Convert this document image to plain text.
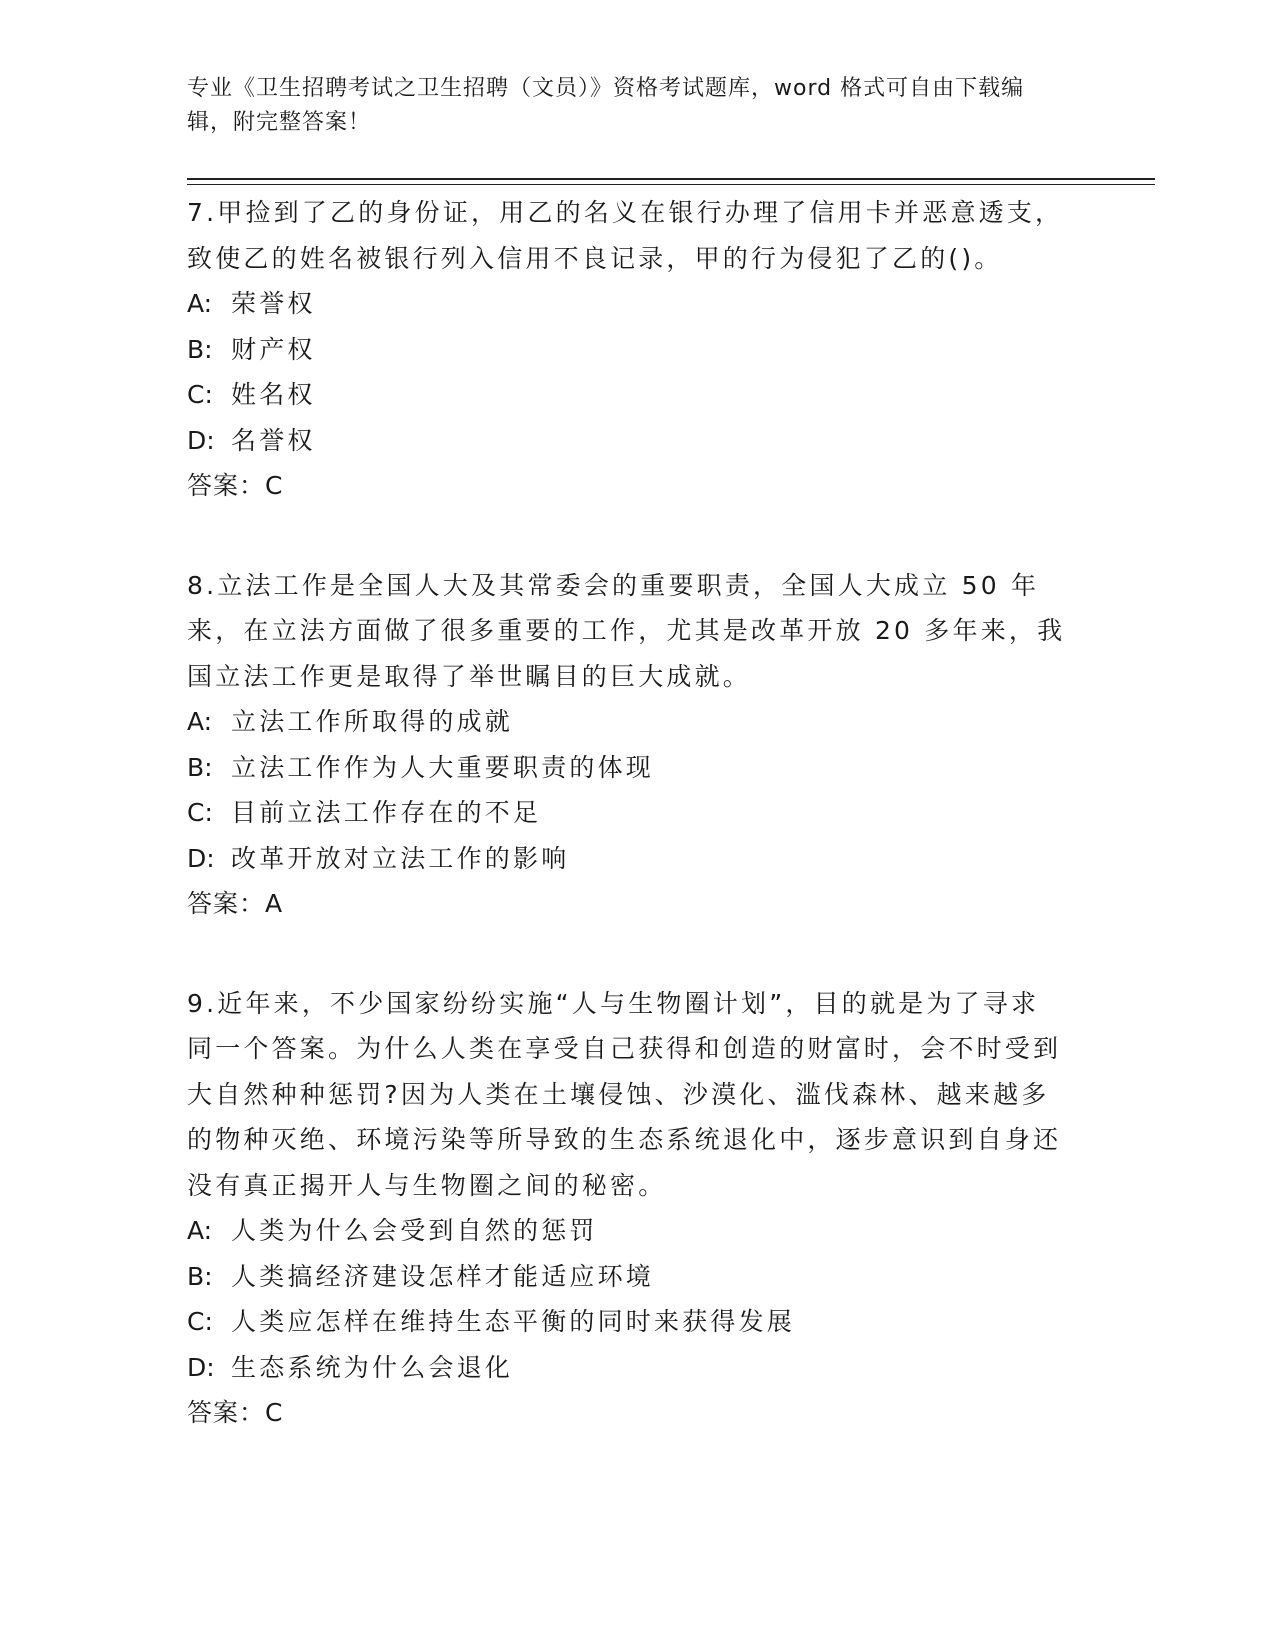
专业《卫生招聘考试之卫生招聘（文员）》资格考试题库，word 格式可自由下载编辑，附完整答案！

7.甲捡到了乙的身份证，用乙的名义在银行办理了信用卡并恶意透支，致使乙的姓名被银行列入信用不良记录，甲的行为侵犯了乙的()。

A: 荣誉权

B: 财产权

C: 姓名权

D: 名誉权

答案：C

8.立法工作是全国人大及其常委会的重要职责，全国人大成立 50 年来，在立法方面做了很多重要的工作，尤其是改革开放 20 多年来，我国立法工作更是取得了举世瞩目的巨大成就。

A: 立法工作所取得的成就

B: 立法工作作为人大重要职责的体现

C: 目前立法工作存在的不足

D: 改革开放对立法工作的影响

答案：A

9.近年来，不少国家纷纷实施“人与生物圈计划”，目的就是为了寻求同一个答案。为什么人类在享受自己获得和创造的财富时，会不时受到大自然种种惩罚?因为人类在土壤侵蚀、沙漠化、滥伐森林、越来越多的物种灭绝、环境污染等所导致的生态系统退化中，逐步意识到自身还没有真正揭开人与生物圈之间的秘密。

A: 人类为什么会受到自然的惩罚

B: 人类搞经济建设怎样才能适应环境

C: 人类应怎样在维持生态平衡的同时来获得发展

D: 生态系统为什么会退化

答案：C
